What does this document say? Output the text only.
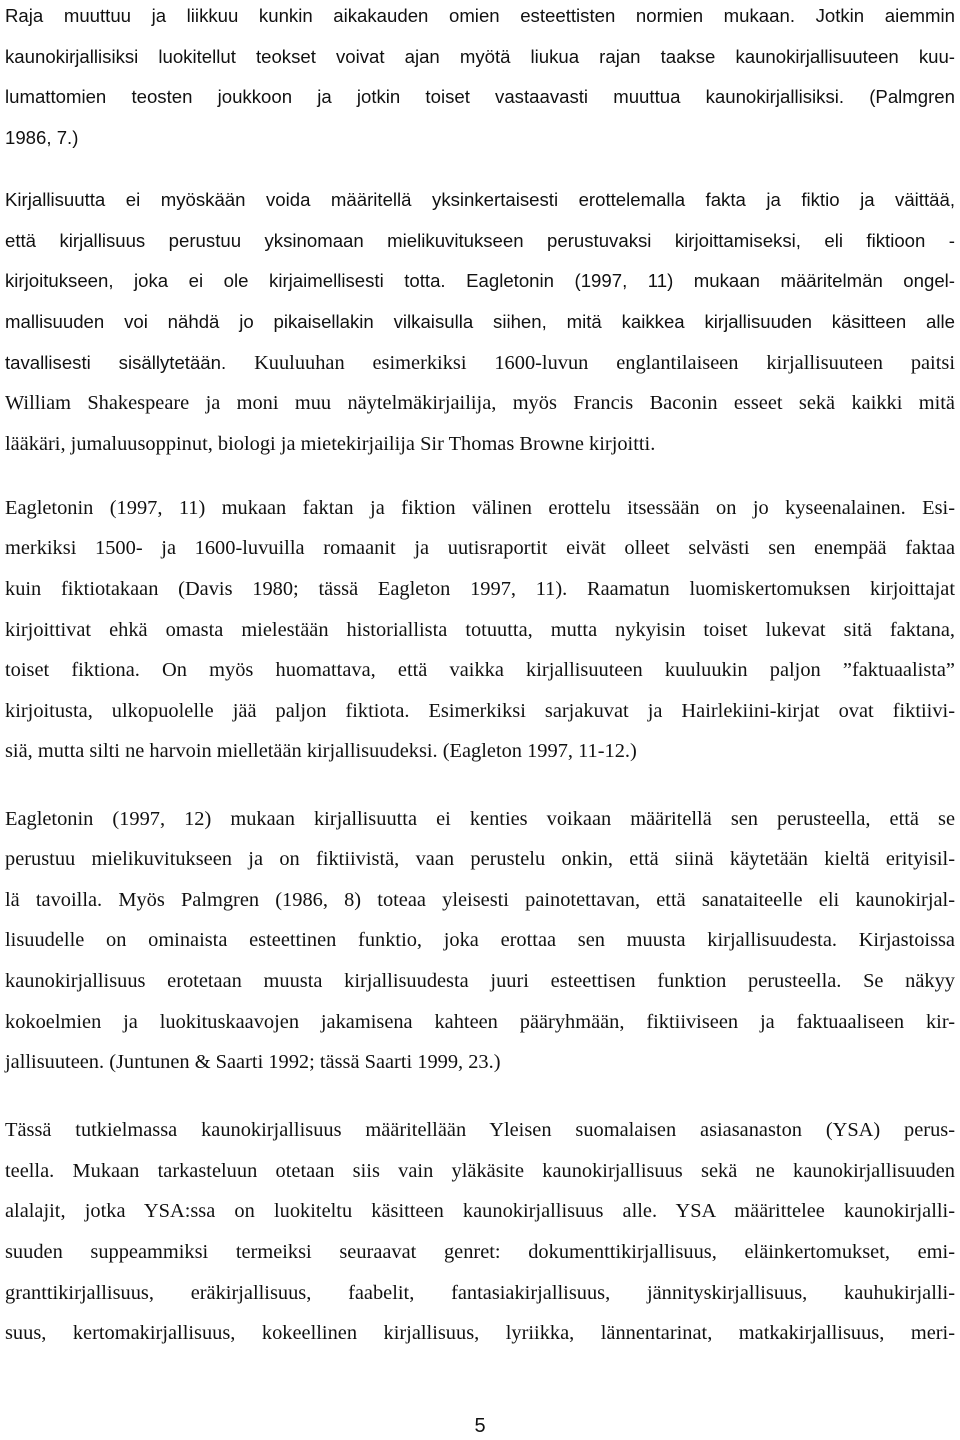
Raja muuttuu ja liikkuu kunkin aikakauden omien esteettisten normien mukaan. Jotkin aiemmin
kaunokirjallisiksi luokitellut teokset voivat ajan myötä liukua rajan taakse kaunokirjallisuuteen kuu-
lumattomien teosten joukkoon ja jotkin toiset vastaavasti muuttua kaunokirjallisiksi. (Palmgren
1986, 7.)
Kirjallisuutta ei myöskään voida määritellä yksinkertaisesti erottelemalla fakta ja fiktio ja väittää,
että kirjallisuus perustuu yksinomaan mielikuvitukseen perustuvaksi kirjoittamiseksi, eli fiktioon -
kirjoitukseen, joka ei ole kirjaimellisesti totta. Eagletonin (1997, 11) mukaan määritelmän ongel-
mallisuuden voi nähdä jo pikaisellakin vilkaisulla siihen, mitä kaikkea kirjallisuuden käsitteen alle
tavallisesti sisällytetään. Kuuluuhan esimerkiksi 1600-luvun englantilaiseen kirjallisuuteen paitsi
William Shakespeare ja moni muu näytelmäkirjailija, myös Francis Baconin esseet sekä kaikki mitä
lääkäri, jumaluusoppinut, biologi ja mietekirjailija Sir Thomas Browne kirjoitti.
Eagletonin (1997, 11) mukaan faktan ja fiktion välinen erottelu itsessään on jo kyseenalainen. Esi-
merkiksi 1500- ja 1600-luvuilla romaanit ja uutisraportit eivät olleet selvästi sen enempää faktaa
kuin fiktiotakaan (Davis 1980; tässä Eagleton 1997, 11). Raamatun luomiskertomuksen kirjoittajat
kirjoittivat ehkä omasta mielestään historiallista totuutta, mutta nykyisin toiset lukevat sitä faktana,
toiset fiktiona. On myös huomattava, että vaikka kirjallisuuteen kuuluukin paljon ”faktuaalista”
kirjoitusta, ulkopuolelle jää paljon fiktiota. Esimerkiksi sarjakuvat ja Hairlekiini-kirjat ovat fiktiivi-
siä, mutta silti ne harvoin mielletään kirjallisuudeksi. (Eagleton 1997, 11-12.)
Eagletonin (1997, 12) mukaan kirjallisuutta ei kenties voikaan määritellä sen perusteella, että se
perustuu mielikuvitukseen ja on fiktiivistä, vaan perustelu onkin, että siinä käytetään kieltä erityisil-
lä tavoilla. Myös Palmgren (1986, 8) toteaa yleisesti painotettavan, että sanataiteelle eli kaunokirjal-
lisuudelle on ominaista esteettinen funktio, joka erottaa sen muusta kirjallisuudesta. Kirjastoissa
kaunokirjallisuus erotetaan muusta kirjallisuudesta juuri esteettisen funktion perusteella. Se näkyy
kokoelmien ja luokituskaavojen jakamisena kahteen pääryhmään, fiktiiviseen ja faktuaaliseen kir-
jallisuuteen. (Juntunen & Saarti 1992; tässä Saarti 1999, 23.)
Tässä tutkielmassa kaunokirjallisuus määritellään Yleisen suomalaisen asiasanaston (YSA) perus-
teella. Mukaan tarkasteluun otetaan siis vain yläkäsite kaunokirjallisuus sekä ne kaunokirjallisuuden
alalajit, jotka YSA:ssa on luokiteltu käsitteen kaunokirjallisuus alle. YSA määrittelee kaunokirjalli-
suuden suppeammiksi termeiksi seuraavat genret: dokumenttikirjallisuus, eläinkertomukset, emi-
granttikirjallisuus, eräkirjallisuus, faabelit, fantasiakirjallisuus, jännityskirjallisuus, kauhukirjalli-
suus, kertomakirjallisuus, kokeellinen kirjallisuus, lyriikka, lännentarinat, matkakirjallisuus, meri-
5
